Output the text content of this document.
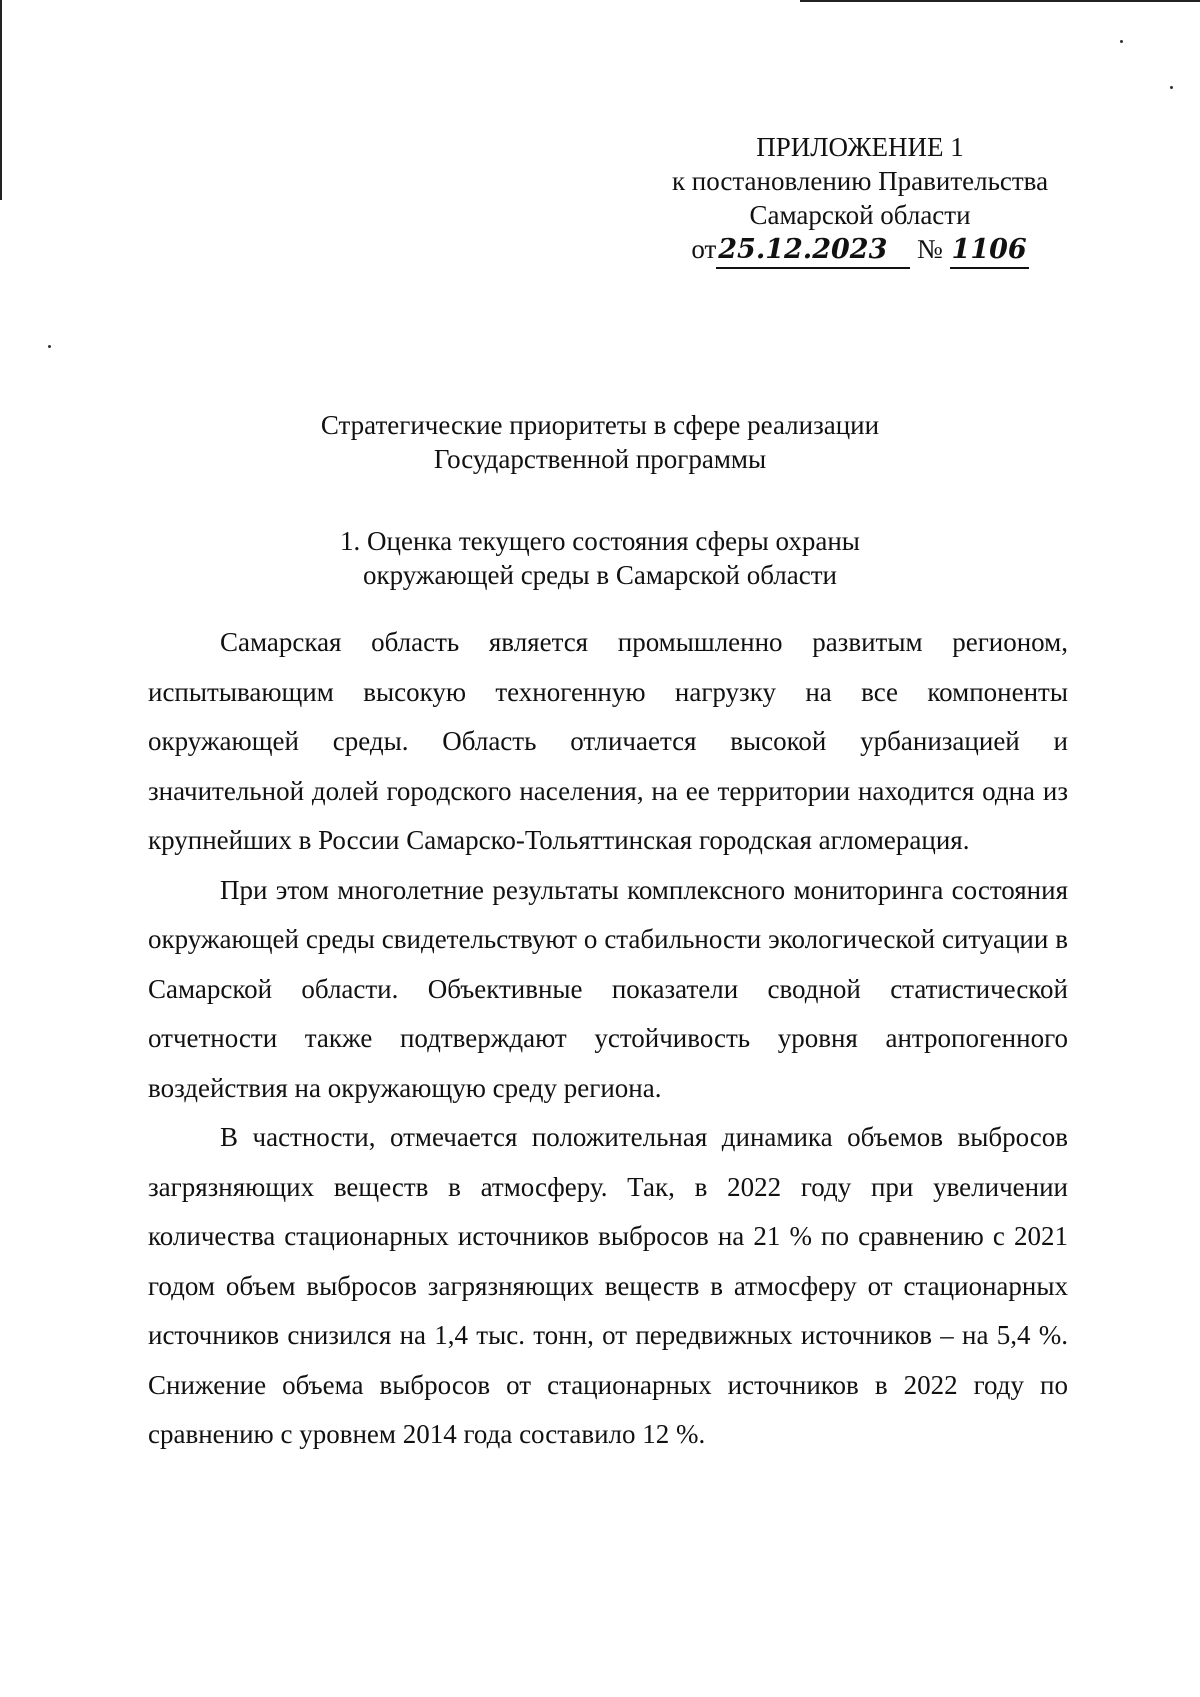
ПРИЛОЖЕНИЕ 1
к постановлению Правительства
Самарской области
от25.12.2023 № 1106
Стратегические приоритеты в сфере реализации
Государственной программы
1. Оценка текущего состояния сферы охраны
окружающей среды в Самарской области

Самарская область является промышленно развитым регионом, испытывающим высокую техногенную нагрузку на все компоненты окружающей среды. Область отличается высокой урбанизацией и значительной долей городского населения, на ее территории находится одна из крупнейших в России Самарско-Тольяттинская городская агломерация.

При этом многолетние результаты комплексного мониторинга состояния окружающей среды свидетельствуют о стабильности экологической ситуации в Самарской области. Объективные показатели сводной статистической отчетности также подтверждают устойчивость уровня антропогенного воздействия на окружающую среду региона.

В частности, отмечается положительная динамика объемов выбросов загрязняющих веществ в атмосферу. Так, в 2022 году при увеличении количества стационарных источников выбросов на 21 % по сравнению с 2021 годом объем выбросов загрязняющих веществ в атмосферу от стационарных источников снизился на 1,4 тыс. тонн, от передвижных источников – на 5,4 %. Снижение объема выбросов от стационарных источников в 2022 году по сравнению с уровнем 2014 года составило 12 %.
